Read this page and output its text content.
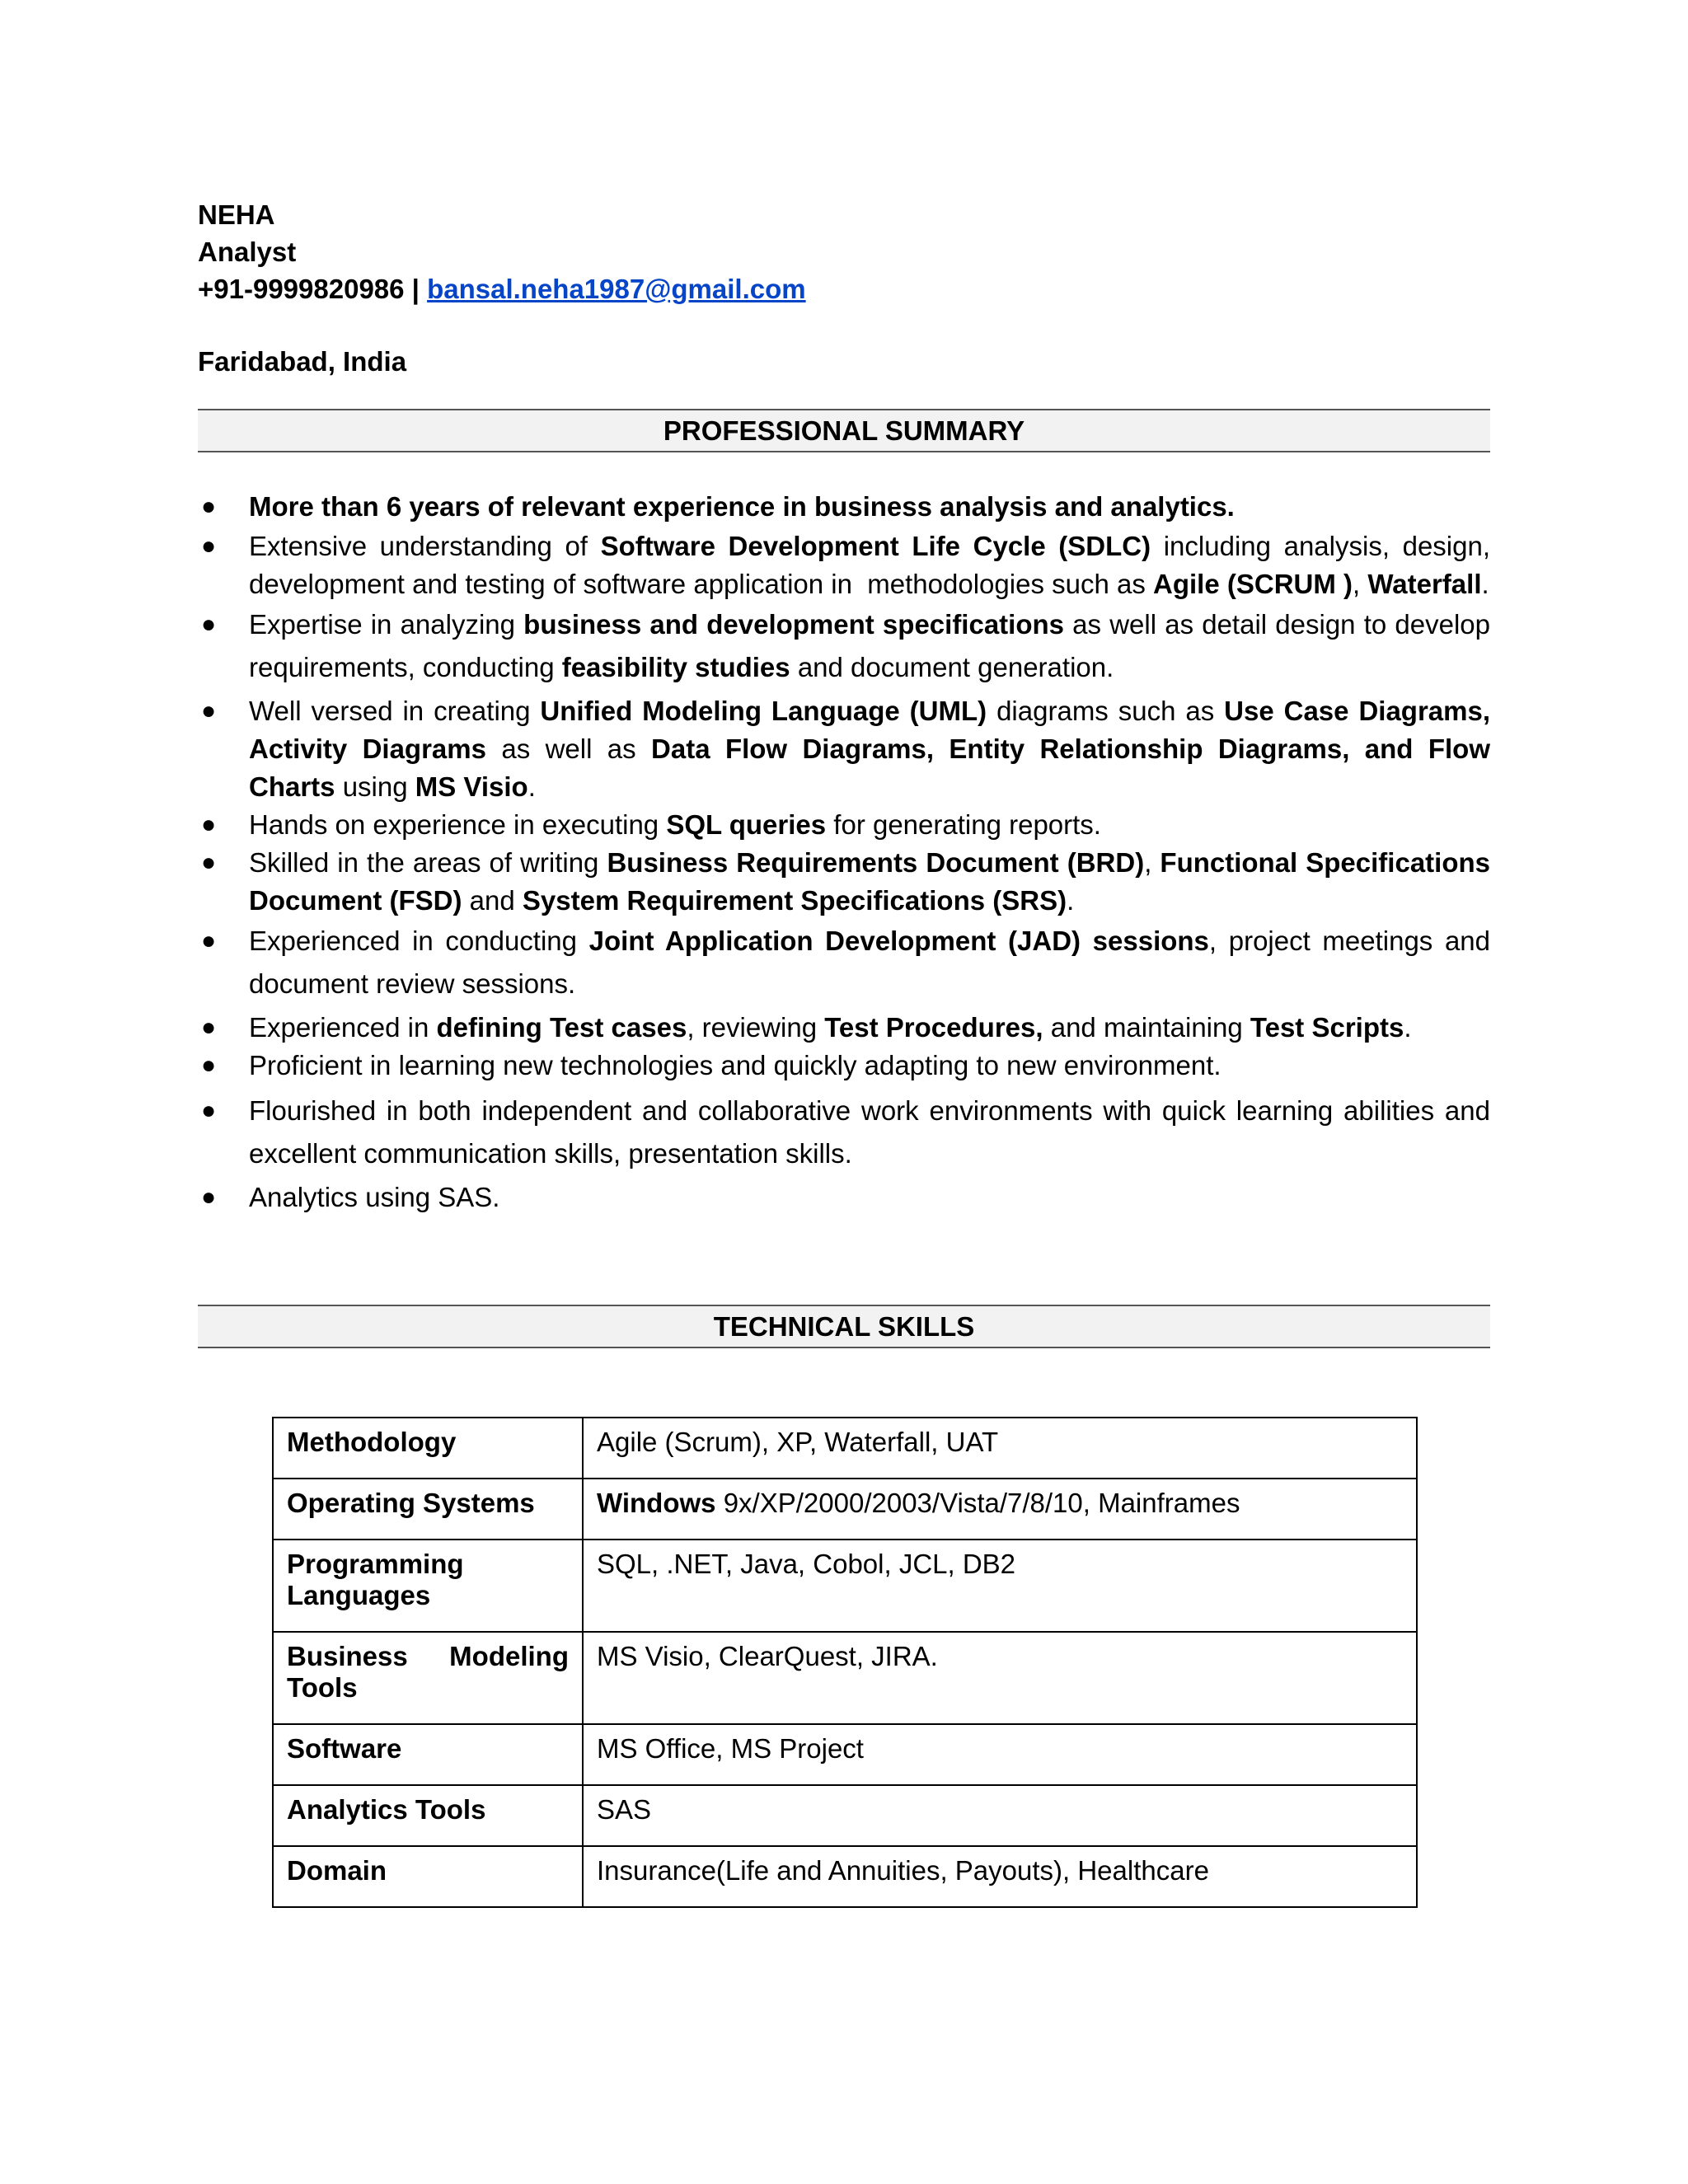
NEHA
Analyst
+91-9999820986 | bansal.neha1987@gmail.com
Faridabad, India
PROFESSIONAL SUMMARY
● More than 6 years of relevant experience in business analysis and analytics.
● Extensive understanding of Software Development Life Cycle (SDLC) including analysis, design, development and testing of software application in  methodologies such as Agile (SCRUM ), Waterfall.
● Expertise in analyzing business and development specifications as well as detail design to develop requirements, conducting feasibility studies and document generation.
● Well versed in creating Unified Modeling Language (UML) diagrams such as Use Case Diagrams, Activity Diagrams as well as Data Flow Diagrams, Entity Relationship Diagrams, and Flow Charts using MS Visio.
● Hands on experience in executing SQL queries for generating reports.
● Skilled in the areas of writing Business Requirements Document (BRD), Functional Specifications Document (FSD) and System Requirement Specifications (SRS).
● Experienced in conducting Joint Application Development (JAD) sessions, project meetings and document review sessions.
● Experienced in defining Test cases, reviewing Test Procedures, and maintaining Test Scripts.
● Proficient in learning new technologies and quickly adapting to new environment.
● Flourished in both independent and collaborative work environments with quick learning abilities and excellent communication skills, presentation skills.
● Analytics using SAS.
TECHNICAL SKILLS
Methodology	Agile (Scrum), XP, Waterfall, UAT
Operating Systems	Windows 9x/XP/2000/2003/Vista/7/8/10, Mainframes
Programming Languages	SQL, .NET, Java, Cobol, JCL, DB2

Business Modeling
Tools	MS Visio, ClearQuest, JIRA.
Software	MS Office, MS Project
Analytics Tools	SAS
Domain	Insurance(Life and Annuities, Payouts), Healthcare
